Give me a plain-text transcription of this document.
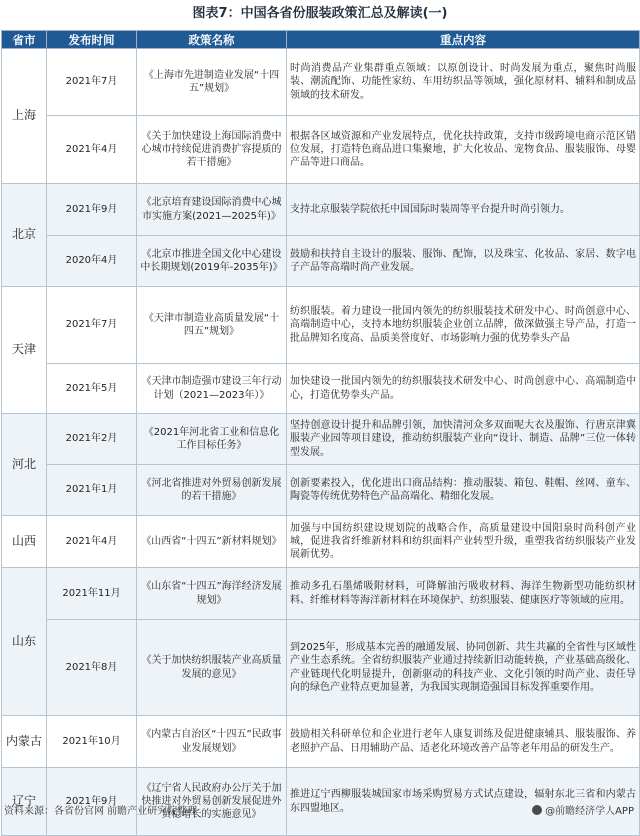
图表7：中国各省份服装政策汇总及解读(一)
省市	发布时间	政策名称	重点内容
上海	2021年7月	《上海市先进制造业发展“十四五”规划》	时尚消费品产业集群重点领域：以原创设计、时尚发展为重点，聚焦时尚服装、潮流配饰、功能性家纺、车用纺织品等领域，强化原材料、辅料和制成品领域的技术研发。
	2021年4月	《关于加快建设上海国际消费中心城市持续促进消费扩容提质的若干措施》	根据各区域资源和产业发展特点，优化扶持政策，支持市级跨境电商示范区错位发展，打造特色商品进口集聚地，扩大化妆品、宠物食品、服装服饰、母婴产品等进口商品。
北京	2021年9月	《北京培育建设国际消费中心城市实施方案(2021—2025年)》	支持北京服装学院依托中国国际时装周等平台提升时尚引领力。
	2020年4月	《北京市推进全国文化中心建设中长期规划(2019年-2035年)》	鼓励和扶持自主设计的服装、服饰、配饰，以及珠宝、化妆品、家居、数字电子产品等高端时尚产业发展。
天津	2021年7月	《天津市制造业高质量发展“十四五”规划》	纺织服装。着力建设一批国内领先的纺织服装技术研发中心、时尚创意中心、高端制造中心，支持本地纺织服装企业创立品牌，做深做强主导产品，打造一批品牌知名度高、品质美誉度好、市场影响力强的优势拳头产品
	2021年5月	《天津市制造强市建设三年行动计划（2021—2023年）》	加快建设一批国内领先的纺织服装技术研发中心、时尚创意中心、高端制造中心，打造优势拳头产品。
河北	2021年2月	《2021年河北省工业和信息化工作目标任务》	坚持创意设计提升和品牌引领，加快清河众多双面呢大衣及服饰、行唐京津冀服装产业园等项目建设，推动纺织服装产业向“设计、制造、品牌”三位一体转型发展。
	2021年1月	《河北省推进对外贸易创新发展的若干措施》	创新要素投入，优化进出口商品结构：推动服装、箱包、鞋帽、丝网、童车、陶瓷等传统优势特色产品高端化、精细化发展。
山西	2021年4月	《山西省“十四五”新材料规划》	加强与中国纺织建设规划院的战略合作，高质量建设中国阳泉时尚科创产业城，促进我省纤维新材料和纺织面料产业转型升级，重塑我省纺织服装产业发展新优势。
山东	2021年11月	《山东省“十四五”海洋经济发展规划》	推动多孔石墨烯吸附材料，可降解油污吸收材料、海洋生物新型功能纺织材料、纤维材料等海洋新材料在环境保护、纺织服装、健康医疗等领域的应用。
	2021年8月	《关于加快纺织服装产业高质量发展的意见》	到2025年，形成基本完善的融通发展、协同创新、共生共赢的全省性与区域性产业生态系统。全省纺织服装产业通过持续新旧动能转换，产业基础高级化、产业链现代化明显提升，创新驱动的科技产业、文化引领的时尚产业、责任导向的绿色产业特点更加显著，为我国实现制造强国目标发挥重要作用。
内蒙古	2021年10月	《内蒙古自治区“十四五”民政事业发展规划》	鼓励相关科研单位和企业进行老年人康复训练及促进健康辅具、服装服饰、养老照护产品、日用辅助产品、适老化环境改善产品等老年用品的研发生产。
辽宁	2021年9月	《辽宁省人民政府办公厅关于加快推进对外贸易创新发展促进外贸稳增长的实施意见》	推进辽宁西柳服装城国家市场采购贸易方式试点建设，辐射东北三省和内蒙古东四盟地区。
资料来源：各省份官网 前瞻产业研究院整理	@前瞻经济学人APP
